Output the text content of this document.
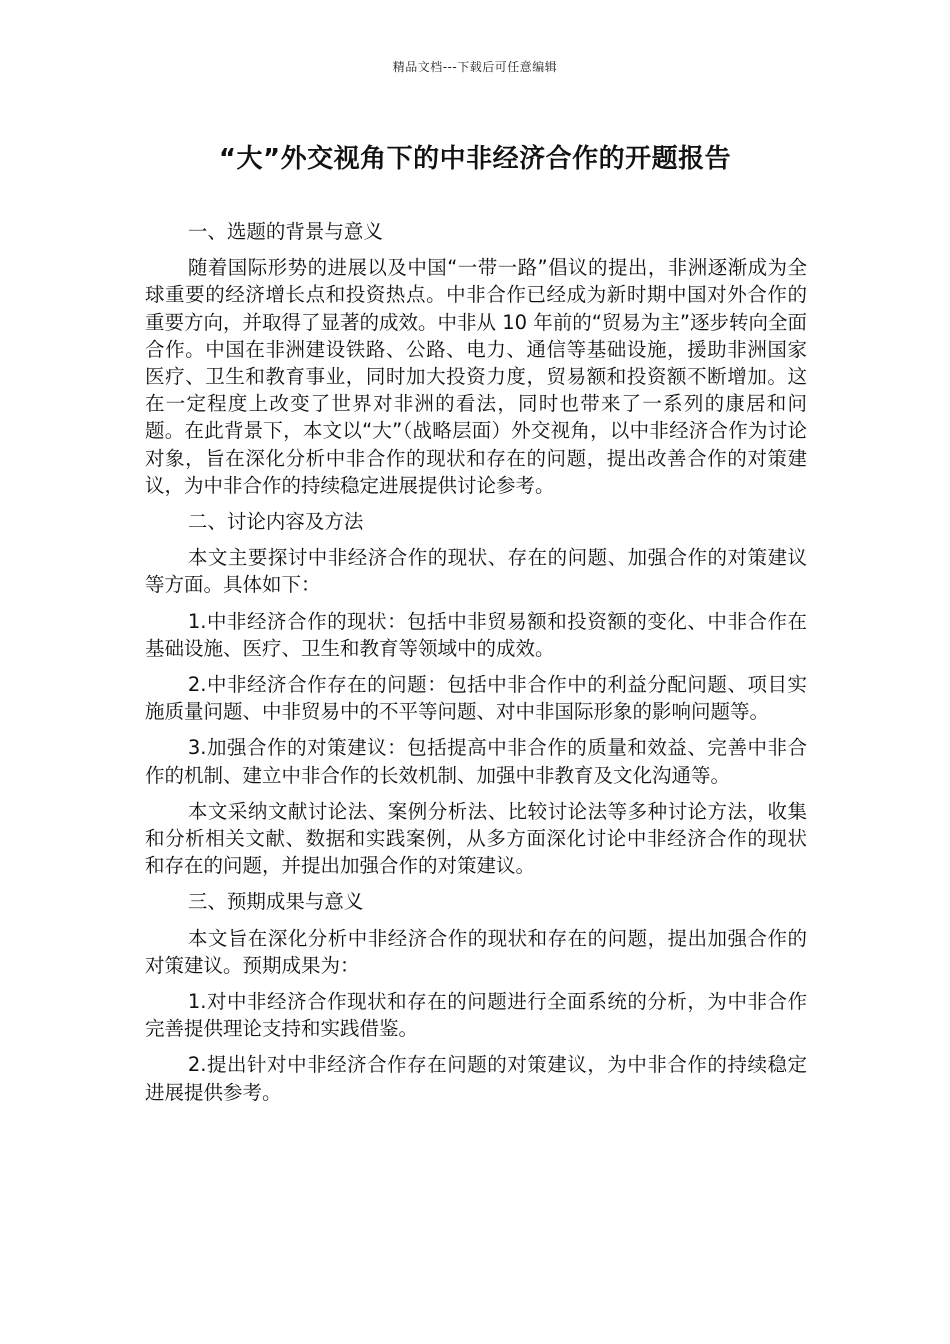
精品文档---下载后可任意编辑
“大”外交视角下的中非经济合作的开题报告

一、选题的背景与意义

随着国际形势的进展以及中国“一带一路”倡议的提出，非洲逐渐成为全球重要的经济增长点和投资热点。中非合作已经成为新时期中国对外合作的重要方向，并取得了显著的成效。中非从 10 年前的“贸易为主”逐步转向全面合作。中国在非洲建设铁路、公路、电力、通信等基础设施，援助非洲国家医疗、卫生和教育事业，同时加大投资力度，贸易额和投资额不断增加。这在一定程度上改变了世界对非洲的看法，同时也带来了一系列的康居和问题。在此背景下，本文以“大”（战略层面）外交视角，以中非经济合作为讨论对象，旨在深化分析中非合作的现状和存在的问题，提出改善合作的对策建议，为中非合作的持续稳定进展提供讨论参考。

二、讨论内容及方法

本文主要探讨中非经济合作的现状、存在的问题、加强合作的对策建议等方面。具体如下：

1.中非经济合作的现状：包括中非贸易额和投资额的变化、中非合作在基础设施、医疗、卫生和教育等领域中的成效。

2.中非经济合作存在的问题：包括中非合作中的利益分配问题、项目实施质量问题、中非贸易中的不平等问题、对中非国际形象的影响问题等。

3.加强合作的对策建议：包括提高中非合作的质量和效益、完善中非合作的机制、建立中非合作的长效机制、加强中非教育及文化沟通等。

本文采纳文献讨论法、案例分析法、比较讨论法等多种讨论方法，收集和分析相关文献、数据和实践案例，从多方面深化讨论中非经济合作的现状和存在的问题，并提出加强合作的对策建议。

三、预期成果与意义

本文旨在深化分析中非经济合作的现状和存在的问题，提出加强合作的对策建议。预期成果为：

1.对中非经济合作现状和存在的问题进行全面系统的分析，为中非合作完善提供理论支持和实践借鉴。

2.提出针对中非经济合作存在问题的对策建议，为中非合作的持续稳定进展提供参考。
